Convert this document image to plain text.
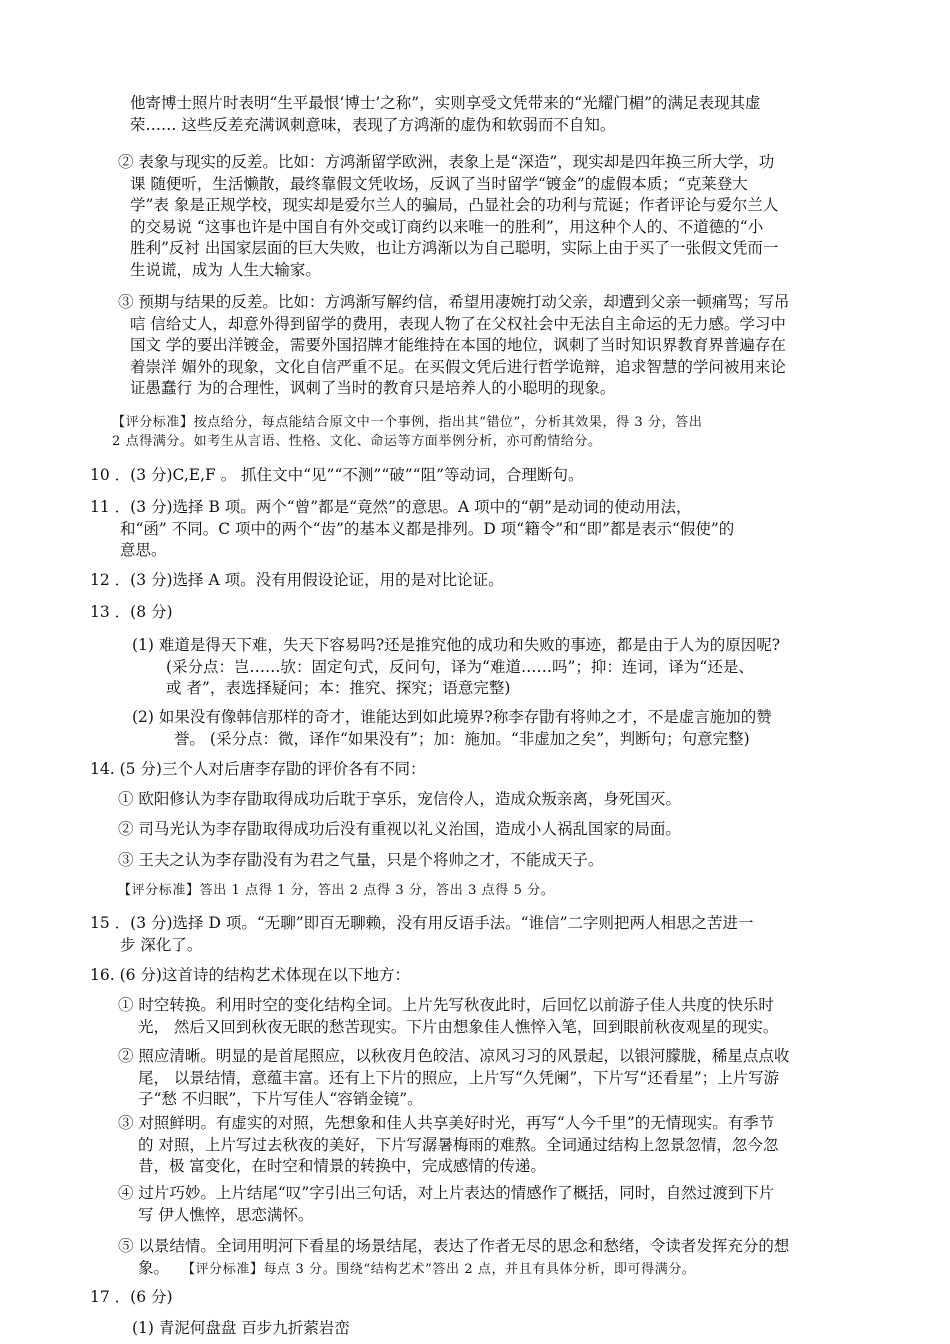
他寄博士照片时表明“生平最恨‘博士’之称”，实则享受文凭带来的“光耀门楣”的满足表现其虚
荣…… 这些反差充满讽刺意味，表现了方鸿渐的虚伪和软弱而不自知。
② 表象与现实的反差。比如：方鸿渐留学欧洲，表象上是“深造”，现实却是四年换三所大学，功
课 随便听，生活懒散，最终靠假文凭收场，反讽了当时留学“镀金”的虚假本质；“克莱登大
学”表 象是正规学校，现实却是爱尔兰人的骗局，凸显社会的功利与荒诞；作者评论与爱尔兰人
的交易说 “这事也许是中国自有外交或订商约以来唯一的胜利”，用这种个人的、不道德的“小
胜利”反衬 出国家层面的巨大失败，也让方鸿渐以为自己聪明，实际上由于买了一张假文凭而一
生说谎，成为 人生大输家。
③ 预期与结果的反差。比如：方鸿渐写解约信，希望用凄婉打动父亲，却遭到父亲一顿痛骂；写吊
唁 信给丈人，却意外得到留学的费用，表现人物了在父权社会中无法自主命运的无力感。学习中
国文 学的要出洋镀金，需要外国招牌才能维持在本国的地位，讽刺了当时知识界教育界普遍存在
着崇洋 媚外的现象，文化自信严重不足。在买假文凭后进行哲学诡辩，追求智慧的学问被用来论
证愚蠢行 为的合理性，讽刺了当时的教育只是培养人的小聪明的现象。
【评分标准】按点给分，每点能结合原文中一个事例，指出其“错位”，分析其效果，得 3 分，答出
2 点得满分。如考生从言语、性格、文化、命运等方面举例分析，亦可酌情给分。
10 ．(3 分)C,E,F 。 抓住文中“见”“不测”“破”“阻”等动词，合理断句。
11 ．(3 分)选择 B 项。两个“曾”都是“竟然”的意思。A 项中的“朝”是动词的使动用法，
和“函” 不同。C 项中的两个“齿”的基本义都是排列。D 项“籍令”和“即”都是表示“假使”的
意思。
12 ．(3 分)选择 A 项。没有用假设论证，用的是对比论证。
13 ．(8 分)
(1) 难道是得天下难，失天下容易吗?还是推究他的成功和失败的事迹，都是由于人为的原因呢?
(采分点：岂……欤：固定句式，反问句，译为“难道……吗”；抑：连词，译为“还是、
或 者”，表选择疑问；本：推究、探究；语意完整)
(2) 如果没有像韩信那样的奇才，谁能达到如此境界?称李存勖有将帅之才，不是虚言施加的赞
誉。 (采分点：微，译作“如果没有”；加：施加。“非虚加之矣”，判断句；句意完整)
14. (5 分)三个人对后唐李存勖的评价各有不同：
① 欧阳修认为李存勖取得成功后耽于享乐，宠信伶人，造成众叛亲离，身死国灭。
② 司马光认为李存勖取得成功后没有重视以礼义治国，造成小人祸乱国家的局面。
③ 王夫之认为李存勖没有为君之气量，只是个将帅之才，不能成天子。
【评分标准】答出 1 点得 1 分，答出 2 点得 3 分，答出 3 点得 5 分。
15 ．(3 分)选择 D 项。“无聊”即百无聊赖，没有用反语手法。“谁信”二字则把两人相思之苦进一
步 深化了。
16. (6 分)这首诗的结构艺术体现在以下地方：
① 时空转换。利用时空的变化结构全词。上片先写秋夜此时，后回忆以前游子佳人共度的快乐时
光， 然后又回到秋夜无眠的愁苦现实。下片由想象佳人憔悴入笔，回到眼前秋夜观星的现实。
② 照应清晰。明显的是首尾照应，以秋夜月色皎洁、凉风习习的风景起，以银河朦胧，稀星点点收
尾， 以景结情，意蕴丰富。还有上下片的照应，上片写“久凭阑”，下片写“还看星”；上片写游
子“愁 不归眠”，下片写佳人“容销金镜”。
③ 对照鲜明。有虚实的对照，先想象和佳人共享美好时光，再写“人今千里”的无情现实。有季节
的 对照，上片写过去秋夜的美好，下片写潺暑梅雨的难熬。全词通过结构上忽景忽情，忽今忽
昔，极 富变化，在时空和情景的转换中，完成感情的传递。
④ 过片巧妙。上片结尾“叹”字引出三句话，对上片表达的情感作了概括，同时，自然过渡到下片
写 伊人憔悴，思恋满怀。
⑤ 以景结情。全词用明河下看星的场景结尾，表达了作者无尽的思念和愁绪，令读者发挥充分的想
象。 【评分标准】每点 3 分。围绕“结构艺术”答出 2 点，并且有具体分析，即可得满分。
17 ．(6 分)
(1) 青泥何盘盘 百步九折萦岩峦
